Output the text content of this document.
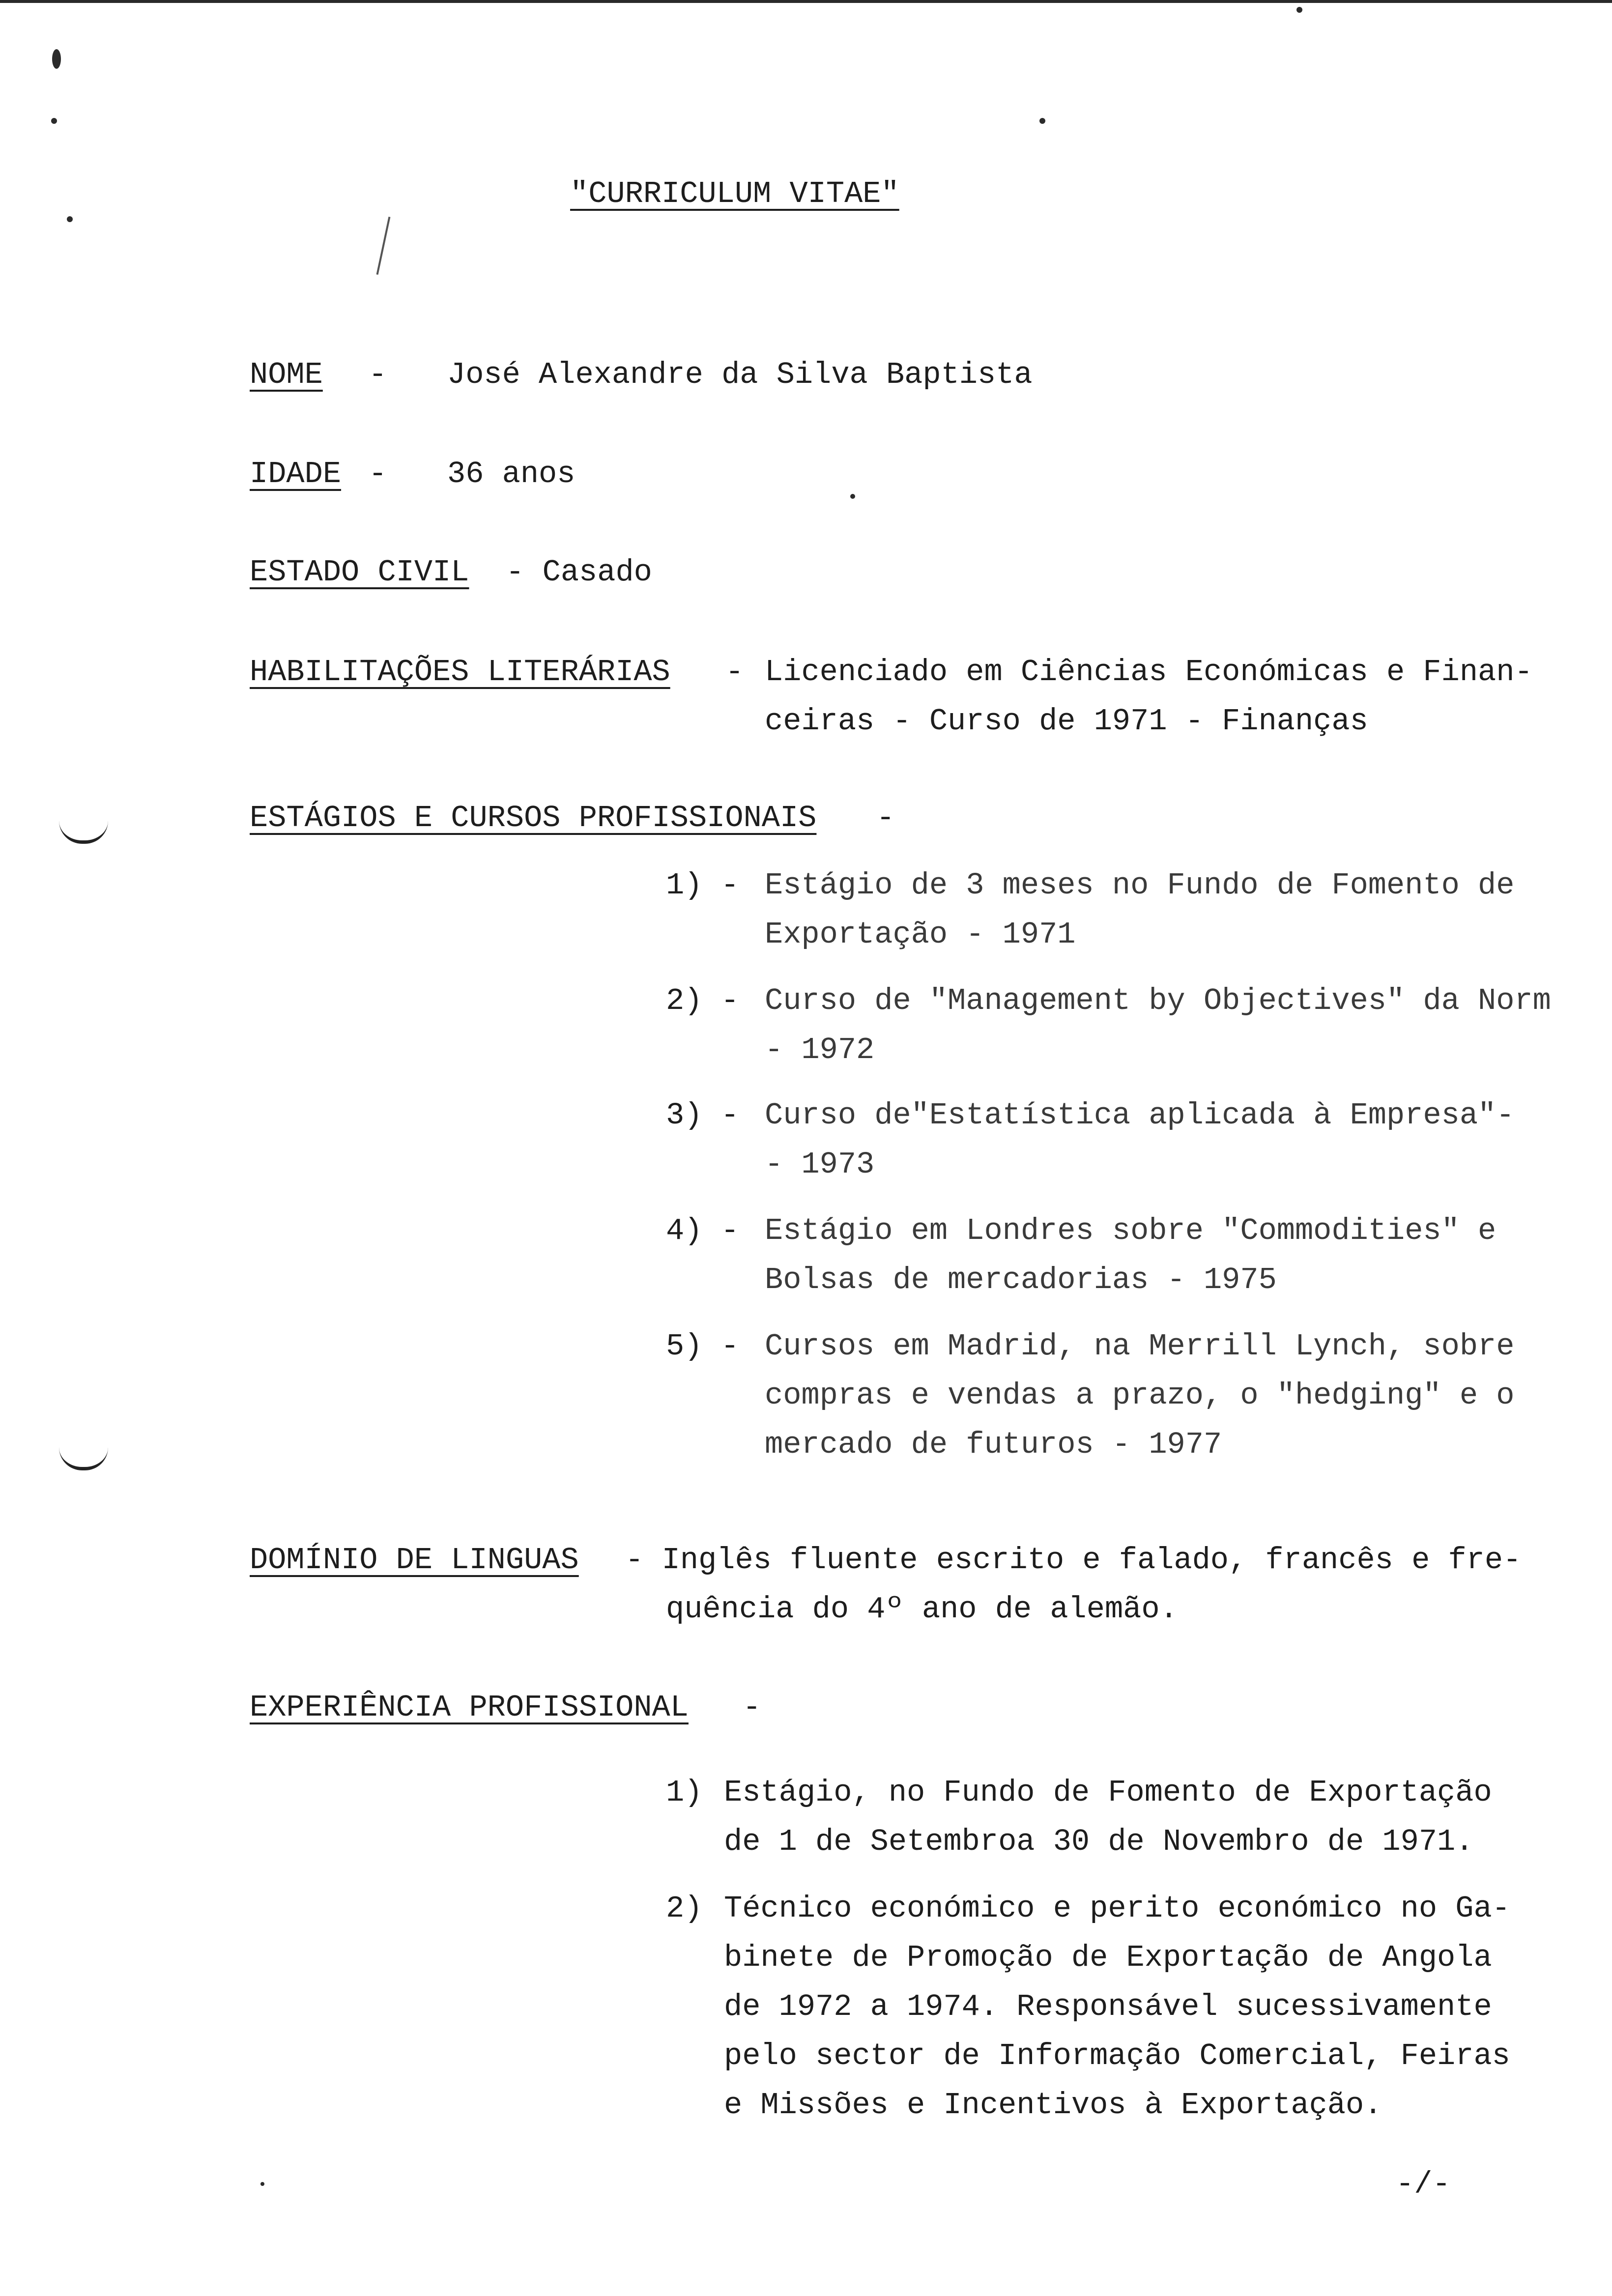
"CURRICULUM VITAE"
NOME - José Alexandre da Silva Baptista
IDADE - 36 anos
ESTADO CIVIL - Casado
HABILITAÇÕES LITERÁRIAS - Licenciado em Ciências Económicas e Finan-
ceiras - Curso de 1971 - Finanças
ESTÁGIOS E CURSOS PROFISSIONAIS -
1) - Estágio de 3 meses no Fundo de Fomento de
Exportação - 1971
2) - Curso de "Management by Objectives" da Norm
- 1972
3) - Curso de"Estatística aplicada à Empresa"-
- 1973
4) - Estágio em Londres sobre "Commodities" e
Bolsas de mercadorias - 1975
5) - Cursos em Madrid, na Merrill Lynch, sobre
compras e vendas a prazo, o "hedging" e o
mercado de futuros - 1977
DOMÍNIO DE LINGUAS - Inglês fluente escrito e falado, francês e fre-
quência do 4º ano de alemão.
EXPERIÊNCIA PROFISSIONAL -
1) Estágio, no Fundo de Fomento de Exportação
de 1 de Setembroa 30 de Novembro de 1971.
2) Técnico económico e perito económico no Ga-
binete de Promoção de Exportação de Angola
de 1972 a 1974. Responsável sucessivamente
pelo sector de Informação Comercial, Feiras
e Missões e Incentivos à Exportação.
-/-
